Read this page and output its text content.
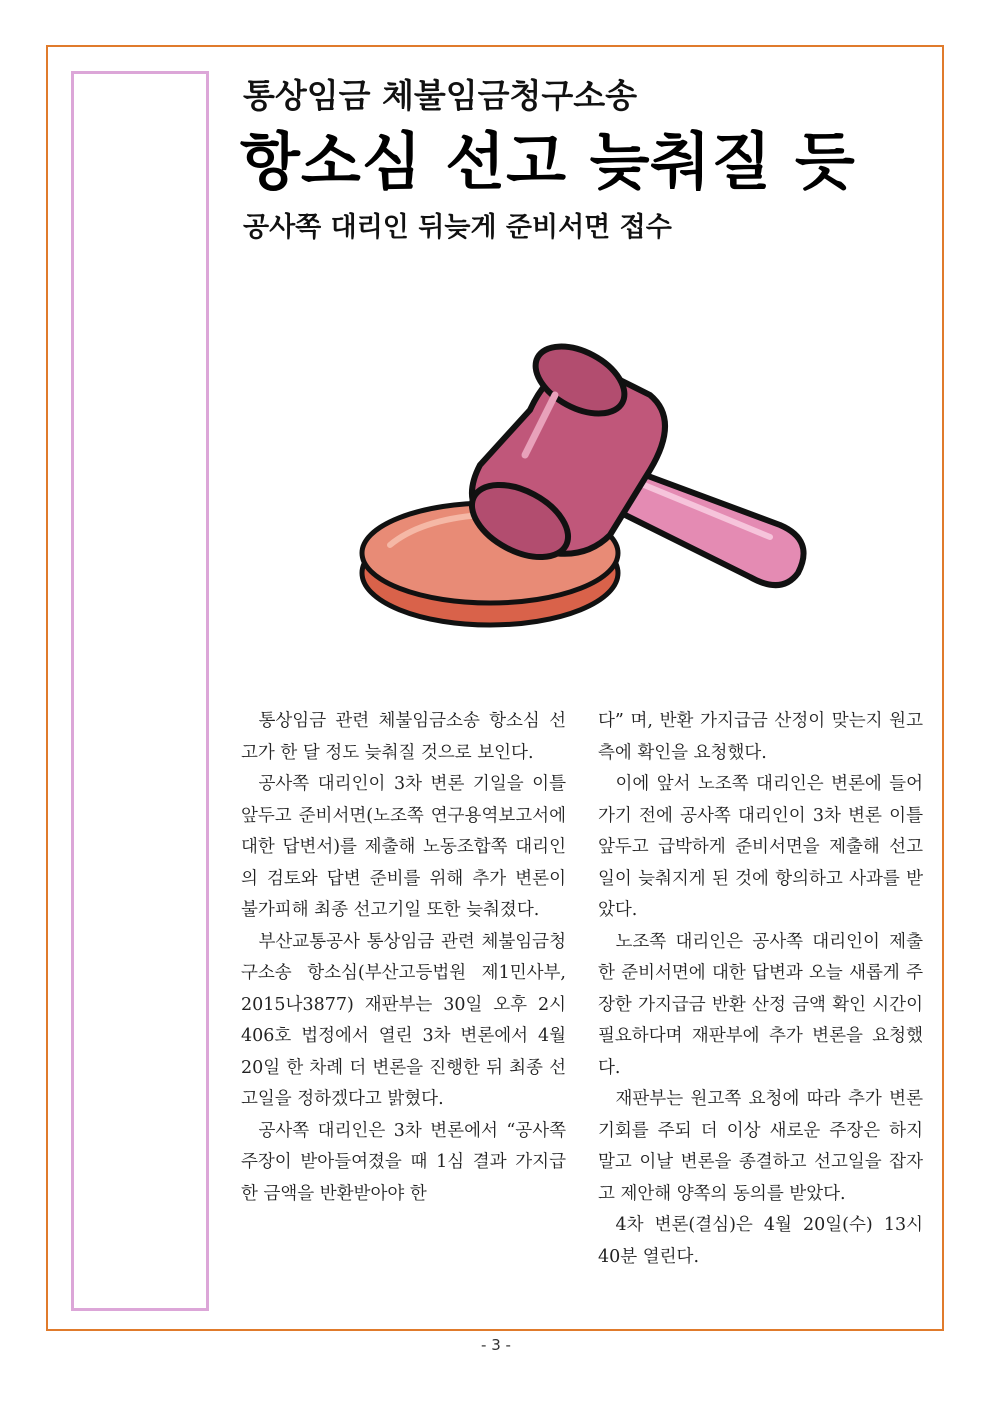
통상임금 체불임금청구소송
항소심 선고 늦춰질 듯
공사쪽 대리인 뒤늦게 준비서면 접수

통상임금 관련 체불임금소송 항소심 선고가 한 달 정도 늦춰질 것으로 보인다.

공사쪽 대리인이 3차 변론 기일을 이틀 앞두고 준비서면(노조쪽 연구용역보고서에 대한 답변서)를 제출해 노동조합쪽 대리인의 검토와 답변 준비를 위해 추가 변론이 불가피해 최종 선고기일 또한 늦춰졌다.

부산교통공사 통상임금 관련 체불임금청구소송 항소심(부산고등법원 제1민사부, 2015나3877) 재판부는 30일 오후 2시 406호 법정에서 열린 3차 변론에서 4월 20일 한 차례 더 변론을 진행한 뒤 최종 선고일을 정하겠다고 밝혔다.

공사쪽 대리인은 3차 변론에서 “공사쪽 주장이 받아들여졌을 때 1심 결과 가지급한 금액을 반환받아야 한

다” 며, 반환 가지급금 산정이 맞는지 원고측에 확인을 요청했다.

이에 앞서 노조쪽 대리인은 변론에 들어가기 전에 공사쪽 대리인이 3차 변론 이틀 앞두고 급박하게 준비서면을 제출해 선고일이 늦춰지게 된 것에 항의하고 사과를 받았다.

노조쪽 대리인은 공사쪽 대리인이 제출한 준비서면에 대한 답변과 오늘 새롭게 주장한 가지급금 반환 산정 금액 확인 시간이 필요하다며 재판부에 추가 변론을 요청했다.

재판부는 원고쪽 요청에 따라 추가 변론 기회를 주되 더 이상 새로운 주장은 하지 말고 이날 변론을 종결하고 선고일을 잡자고 제안해 양쪽의 동의를 받았다.

4차 변론(결심)은 4월 20일(수) 13시 40분 열린다.

- 3 -
